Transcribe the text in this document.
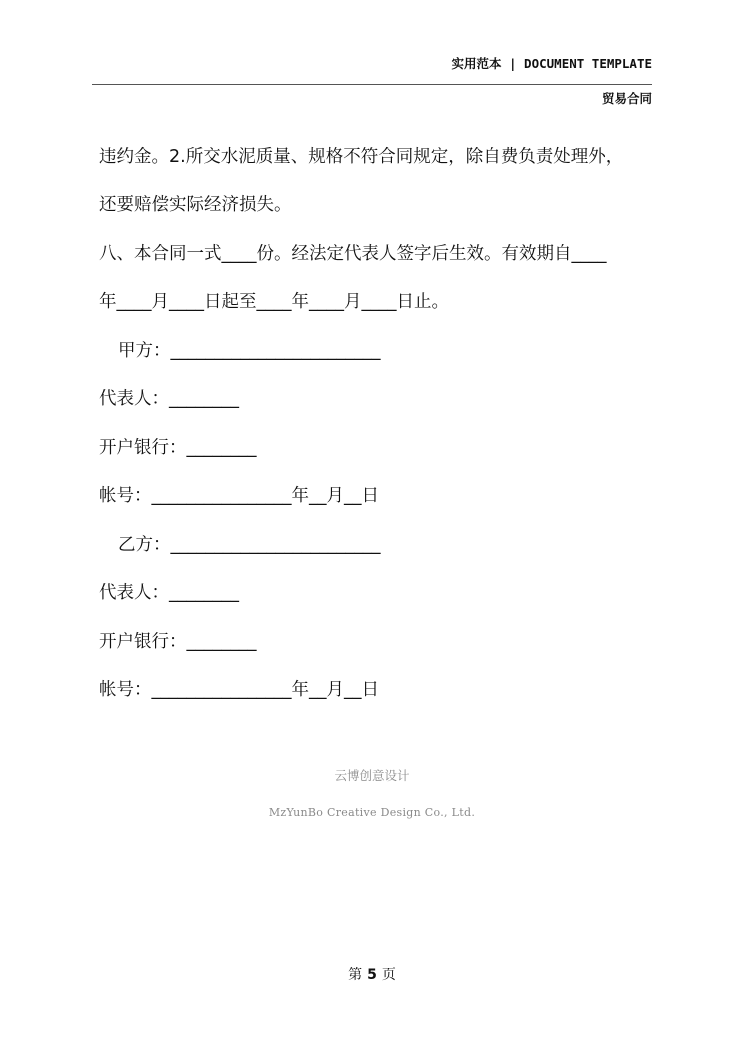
实用范本 | DOCUMENT TEMPLATE
贸易合同
违约金。2.所交水泥质量、规格不符合同规定，除自费负责处理外，
还要赔偿实际经济损失。
八、本合同一式____份。经法定代表人签字后生效。有效期自____
年____月____日起至____年____月____日止。
甲方：________________________
代表人：________
开户银行：________
帐号：________________年__月__日
乙方：________________________
代表人：________
开户银行：________
帐号：________________年__月__日
云博创意设计
MzYunBo Creative Design Co., Ltd.
第 5 页
